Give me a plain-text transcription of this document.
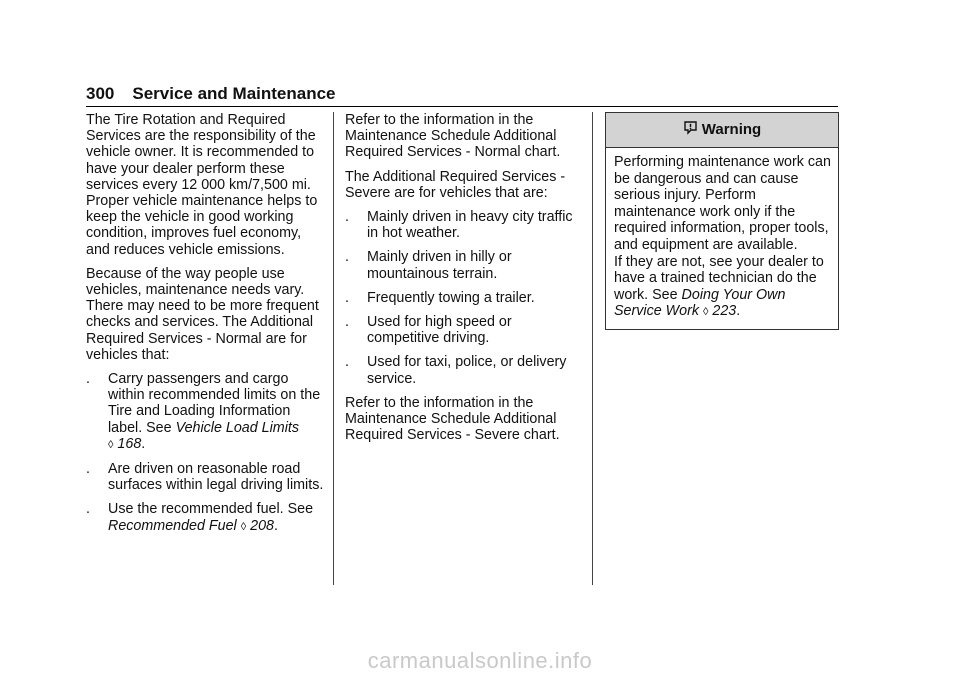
300 Service and Maintenance

The Tire Rotation and Required Services are the responsibility of the vehicle owner. It is recommended to have your dealer perform these services every 12 000 km/7,500 mi. Proper vehicle maintenance helps to keep the vehicle in good working condition, improves fuel economy, and reduces vehicle emissions.

Because of the way people use vehicles, maintenance needs vary. There may need to be more frequent checks and services. The Additional Required Services - Normal are for vehicles that:

. Carry passengers and cargo within recommended limits on the Tire and Loading Information label. See Vehicle Load Limits
◊ 168.
. Are driven on reasonable road surfaces within legal driving limits.
. Use the recommended fuel. See
Recommended Fuel ◊ 208.

Refer to the information in the Maintenance Schedule Additional Required Services - Normal chart.

The Additional Required Services - Severe are for vehicles that are:

. Mainly driven in heavy city traffic in hot weather.
. Mainly driven in hilly or mountainous terrain.
. Frequently towing a trailer.
. Used for high speed or competitive driving.
. Used for taxi, police, or delivery service.

Refer to the information in the Maintenance Schedule Additional Required Services - Severe chart.

Warning

Performing maintenance work can be dangerous and can cause serious injury. Perform maintenance work only if the required information, proper tools, and equipment are available.

If they are not, see your dealer to have a trained technician do the work. See Doing Your Own Service Work ◊ 223.

carmanualsonline.info
